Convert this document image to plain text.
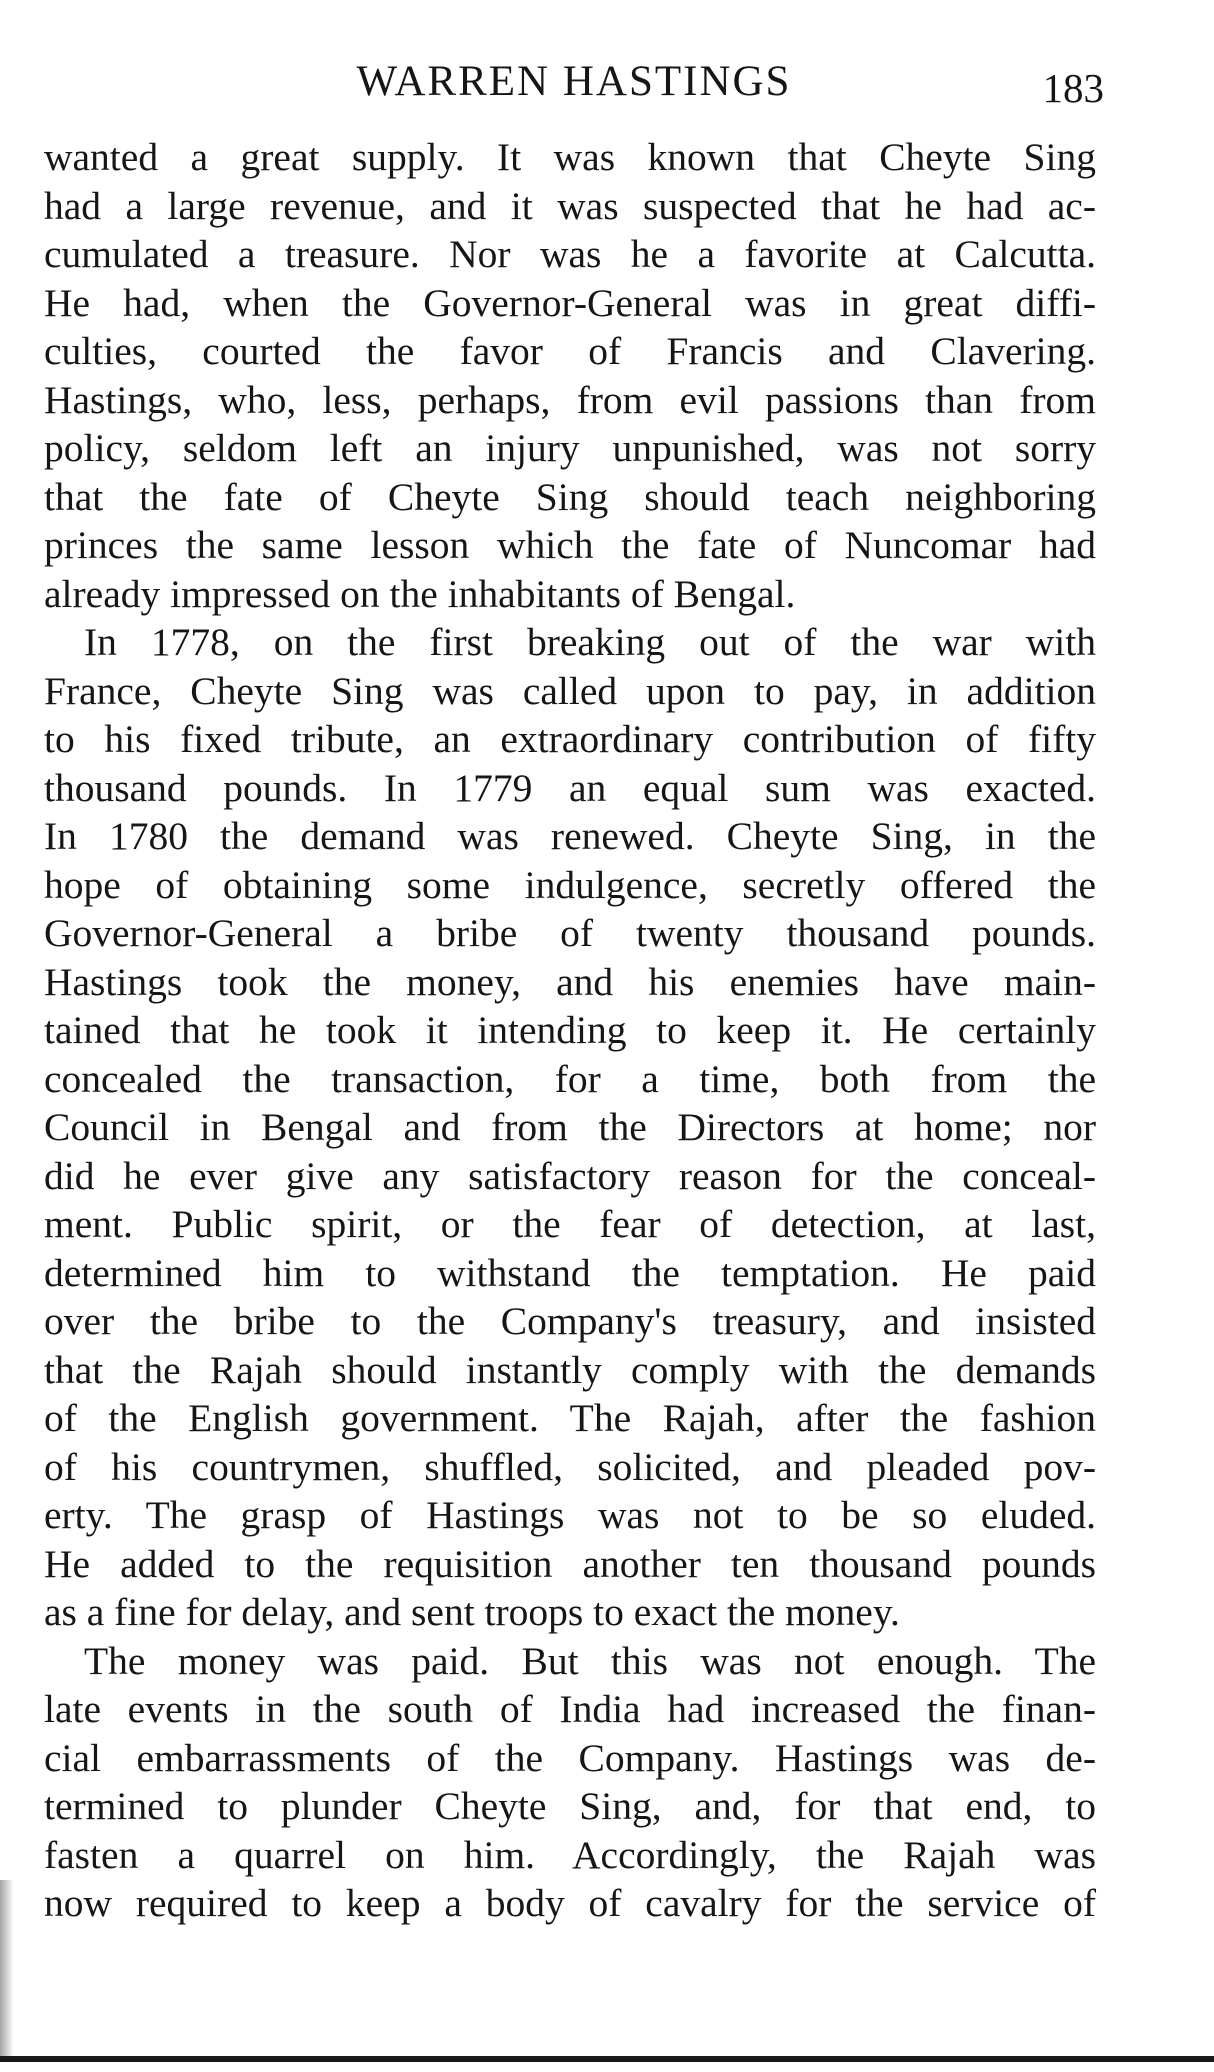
WARREN HASTINGS	183
wanted a great supply. It was known that Cheyte Sing
had a large revenue, and it was suspected that he had ac-
cumulated a treasure. Nor was he a favorite at Calcutta.
He had, when the Governor-General was in great diffi-
culties, courted the favor of Francis and Clavering.
Hastings, who, less, perhaps, from evil passions than from
policy, seldom left an injury unpunished, was not sorry
that the fate of Cheyte Sing should teach neighboring
princes the same lesson which the fate of Nuncomar had
already impressed on the inhabitants of Bengal.
In 1778, on the first breaking out of the war with
France, Cheyte Sing was called upon to pay, in addition
to his fixed tribute, an extraordinary contribution of fifty
thousand pounds. In 1779 an equal sum was exacted.
In 1780 the demand was renewed. Cheyte Sing, in the
hope of obtaining some indulgence, secretly offered the
Governor-General a bribe of twenty thousand pounds.
Hastings took the money, and his enemies have main-
tained that he took it intending to keep it. He certainly
concealed the transaction, for a time, both from the
Council in Bengal and from the Directors at home; nor
did he ever give any satisfactory reason for the conceal-
ment. Public spirit, or the fear of detection, at last,
determined him to withstand the temptation. He paid
over the bribe to the Company's treasury, and insisted
that the Rajah should instantly comply with the demands
of the English government. The Rajah, after the fashion
of his countrymen, shuffled, solicited, and pleaded pov-
erty. The grasp of Hastings was not to be so eluded.
He added to the requisition another ten thousand pounds
as a fine for delay, and sent troops to exact the money.
The money was paid. But this was not enough. The
late events in the south of India had increased the finan-
cial embarrassments of the Company. Hastings was de-
termined to plunder Cheyte Sing, and, for that end, to
fasten a quarrel on him. Accordingly, the Rajah was
now required to keep a body of cavalry for the service of
